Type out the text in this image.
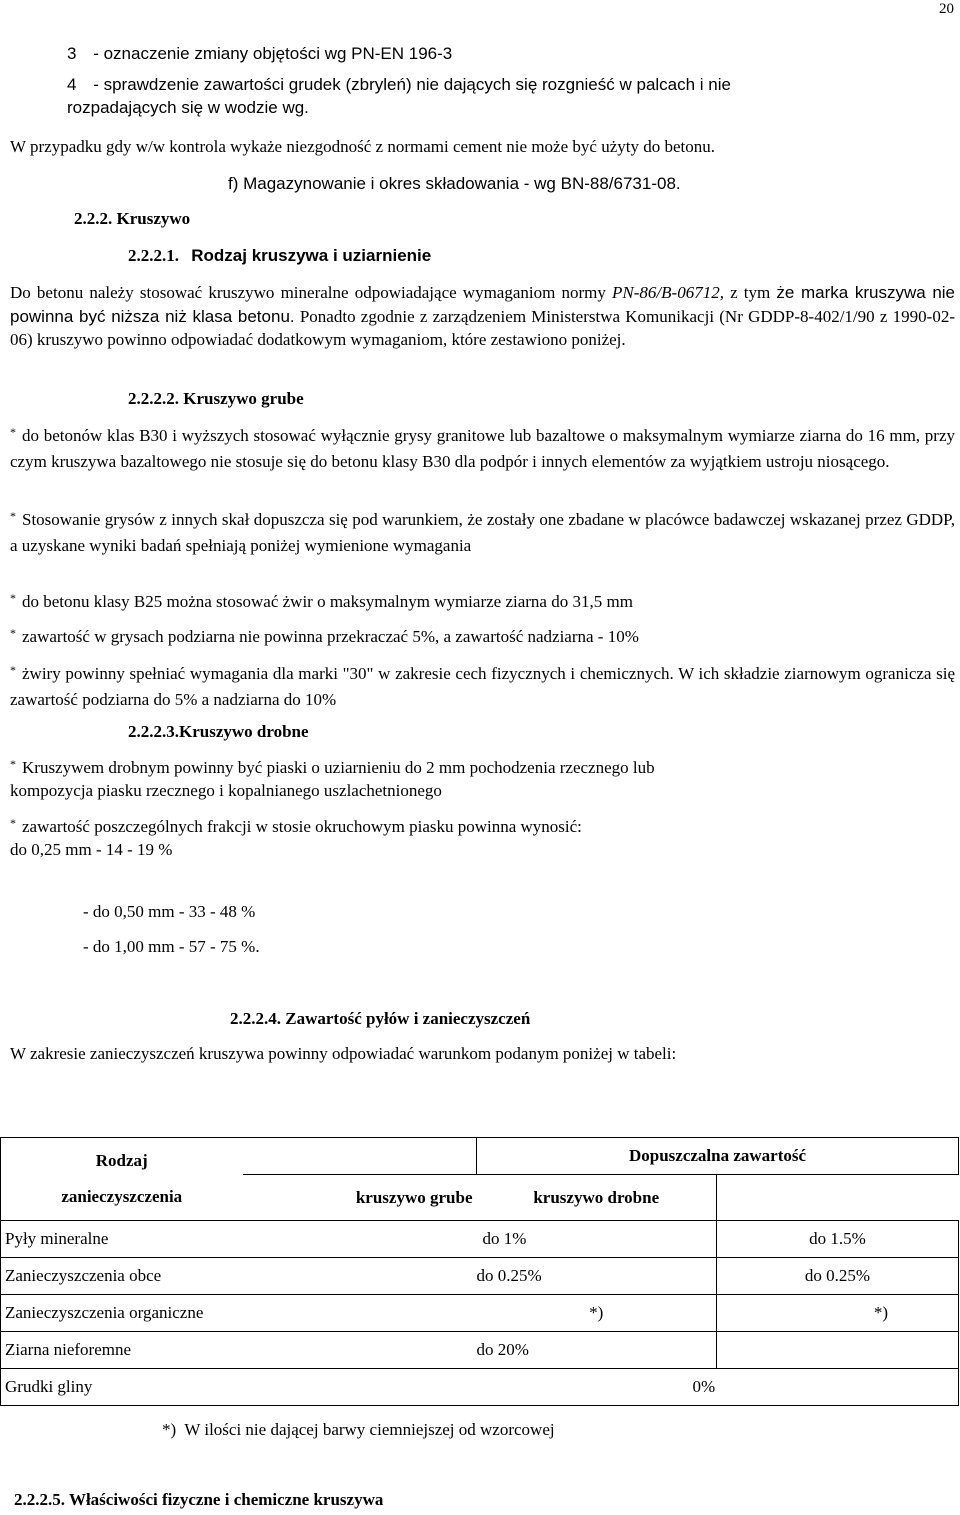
20
3 - oznaczenie zmiany objętości wg PN-EN 196-3
4 - sprawdzenie zawartości grudek (zbryleń) nie dających się rozgnieść w palcach i nie
rozpadających się w wodzie wg.
W przypadku gdy w/w kontrola wykaże niezgodność z normami cement nie może być użyty do betonu.
f) Magazynowanie i okres składowania - wg BN-88/6731-08.
2.2.2. Kruszywo
2.2.2.1. Rodzaj kruszywa i uziarnienie
Do betonu należy stosować kruszywo mineralne odpowiadające wymaganiom normy PN-86/B-06712, z tym że marka kruszywa nie powinna być niższa niż klasa betonu. Ponadto zgodnie z zarządzeniem Ministerstwa Komunikacji (Nr GDDP-8-402/1/90 z 1990-02-06) kruszywo powinno odpowiadać dodatkowym wymaganiom, które zestawiono poniżej.
2.2.2.2. Kruszywo grube
* do betonów klas B30 i wyższych stosować wyłącznie grysy granitowe lub bazaltowe o maksymalnym wymiarze ziarna do 16 mm, przy czym kruszywa bazaltowego nie stosuje się do betonu klasy B30 dla podpór i innych elementów za wyjątkiem ustroju niosącego.
* Stosowanie grysów z innych skał dopuszcza się pod warunkiem, że zostały one zbadane w placówce badawczej wskazanej przez GDDP, a uzyskane wyniki badań spełniają poniżej wymienione wymagania
* do betonu klasy B25 można stosować żwir o maksymalnym wymiarze ziarna do 31,5 mm
* zawartość w grysach podziarna nie powinna przekraczać 5%, a zawartość nadziarna - 10%
* żwiry powinny spełniać wymagania dla marki "30" w zakresie cech fizycznych i chemicznych. W ich składzie ziarnowym ogranicza się zawartość podziarna do 5% a nadziarna do 10%
2.2.2.3.Kruszywo drobne
* Kruszywem drobnym powinny być piaski o uziarnieniu do 2 mm pochodzenia rzecznego lub
kompozycja piasku rzecznego i kopalnianego uszlachetnionego
* zawartość poszczególnych frakcji w stosie okruchowym piasku powinna wynosić:
do 0,25 mm - 14 - 19 %
- do 0,50 mm - 33 - 48 %
- do 1,00 mm - 57 - 75 %.
2.2.2.4. Zawartość pyłów i zanieczyszczeń
W zakresie zanieczyszczeń kruszywa powinny odpowiadać warunkom podanym poniżej w tabeli:
Rodzaj
zanieczyszczenia		Dopuszczalna zawartość	
	kruszywo grube	kruszywo drobne	
Pyły mineralne		do 1%	do 1.5%
Zanieczyszczenia obce		do 0.25%	do 0.25%
Zanieczyszczenia organiczne		*)	*)
Ziarna nieforemne		do 20%	
Grudki gliny	0%		
*)  W ilości nie dającej barwy ciemniejszej od wzorcowej
2.2.2.5. Właściwości fizyczne i chemiczne kruszywa
